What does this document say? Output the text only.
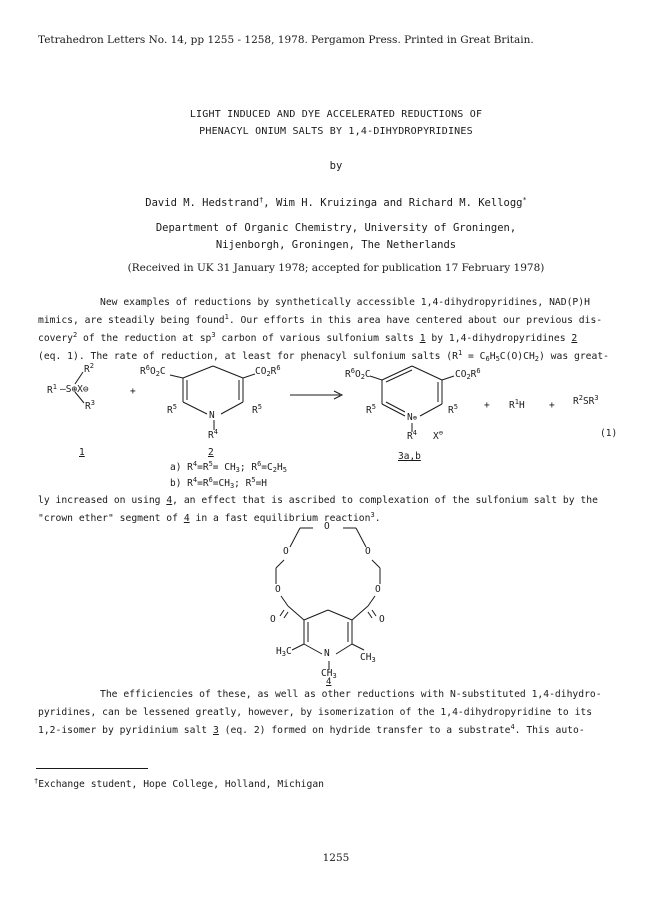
Tetrahedron Letters No. 14, pp 1255 - 1258, 1978. Pergamon Press. Printed in Great Britain.
LIGHT INDUCED AND DYE ACCELERATED REDUCTIONS OF
PHENACYL ONIUM SALTS BY 1,4-DIHYDROPYRIDINES
by
David M. Hedstrand†, Wim H. Kruizinga and Richard M. Kellogg*
Department of Organic Chemistry, University of Groningen,
Nijenborgh, Groningen, The Netherlands
(Received in UK 31 January 1978; accepted for publication 17 February 1978)
New examples of reductions by synthetically accessible 1,4-dihydropyridines, NAD(P)H
mimics, are steadily being found$^1$. Our efforts in this area have centered about our previous dis-
covery$^2$ of the reduction at $sp^3$ carbon of various sulfonium salts 1 by 1,4-dihydropyridines 2
(eq. 1). The rate of reduction, at least for phenacyl sulfonium salts $(R^1 = C_6H_5C(O)CH_2)$ was great-
$R^2$
$R^1$ —S⊕X⊖
$R^3$
+
$R^6O_2C$	$CO_2R^6$
$R^5$	$R^5$
N
$R^4$
$R^6O_2C$	$CO_2R^6$
$R^5$	$R^5$
N⊕
$R^4$ X⊖
+ $R^1H$	+ $R^2SR^3$
(1)
1	2	3a,b
a) $R^4=R^5= CH_3$; $R^6=C_2H_5$
b) $R^4=R^6=CH_3$; $R^5=H$
ly increased on using 4, an effect that is ascribed to complexation of the sulfonium salt by the
"crown ether" segment of 4 in a fast equilibrium reaction$^3$.
O
O	O
O	O
O	O
$H_3C$	N	$CH_3$
$CH_3$
4
The efficiencies of these, as well as other reductions with N-substituted 1,4-dihydro-
pyridines, can be lessened greatly, however, by isomerization of the 1,4-dihydropyridine to its
1,2-isomer by pyridinium salt 3 (eq. 2) formed on hydride transfer to a substrate$^4$. This auto-
†Exchange student, Hope College, Holland, Michigan
1255
